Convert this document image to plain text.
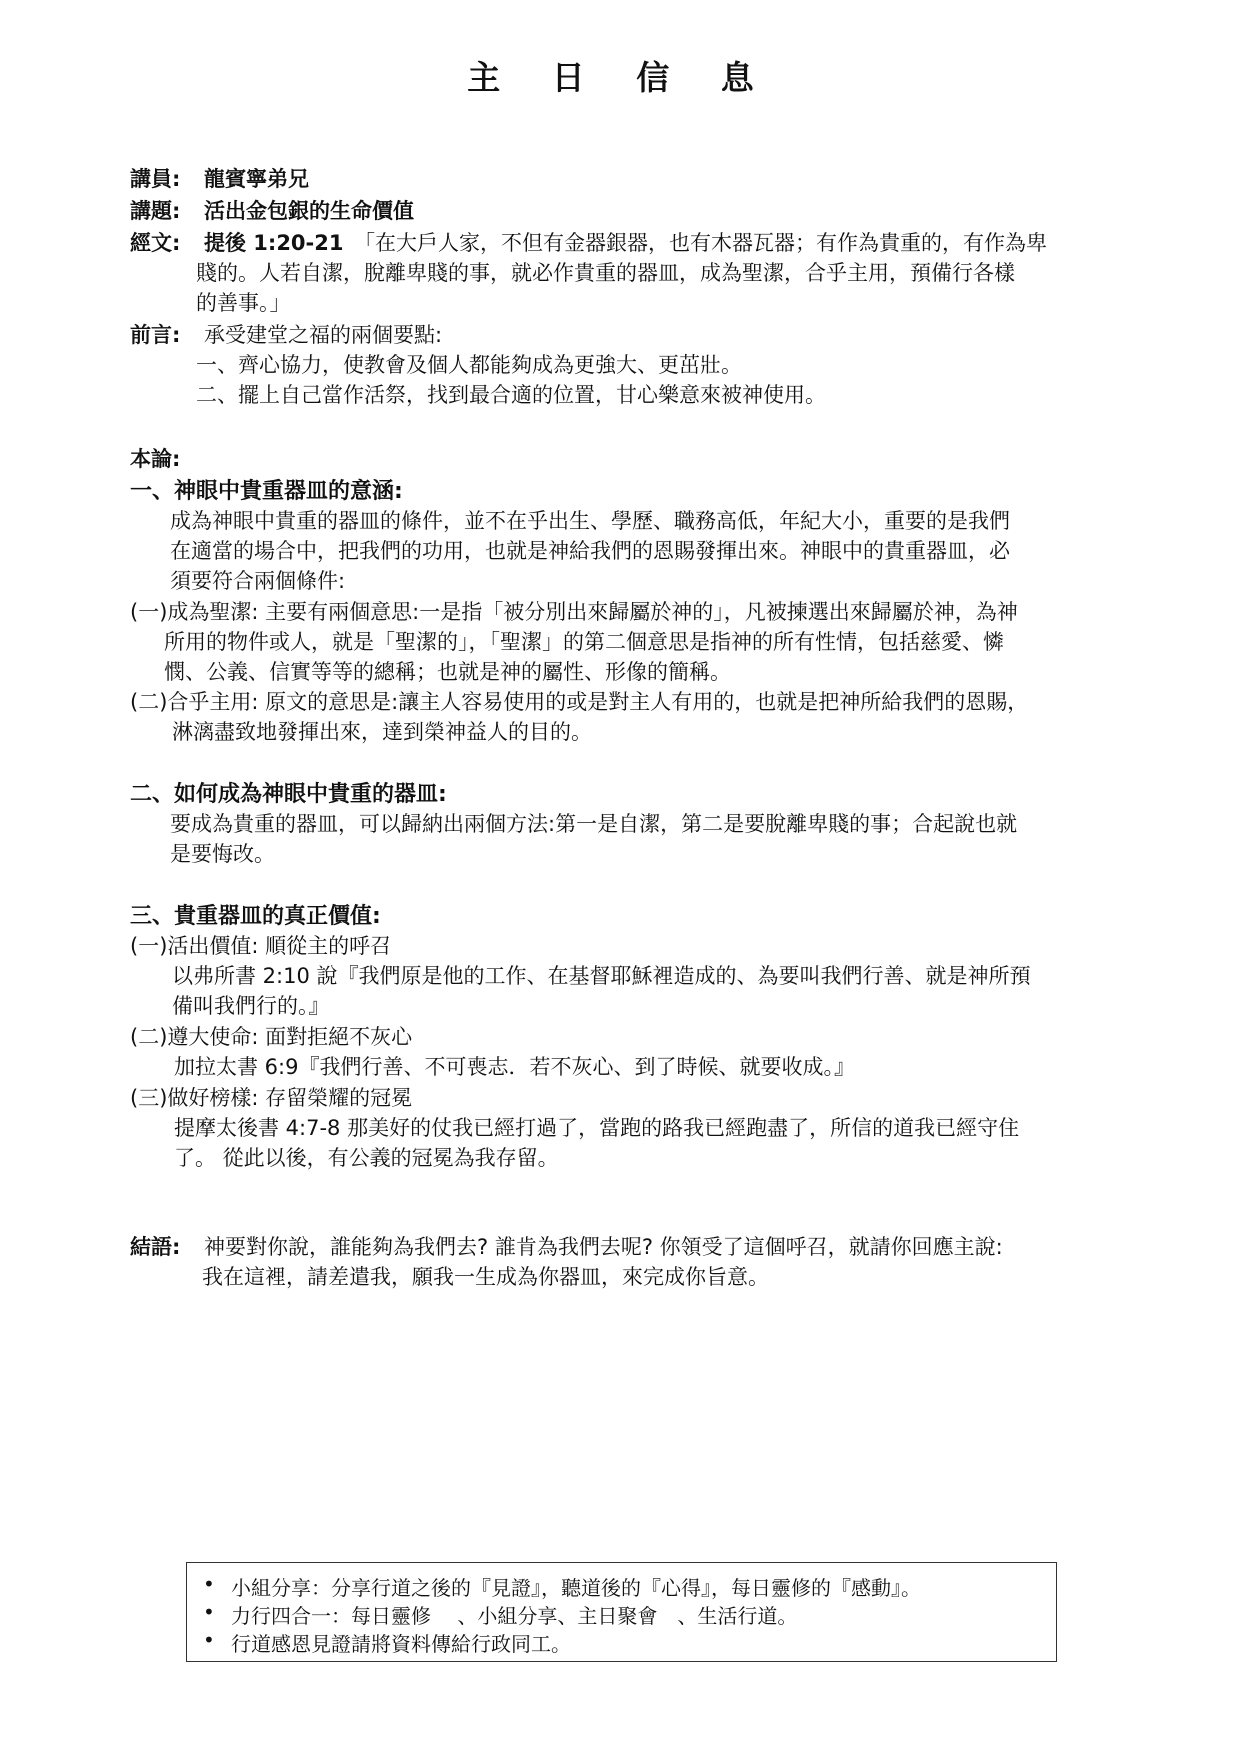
主 日 信 息
講員: 龍賓寧弟兄
講題: 活出金包銀的生命價值
經文: 提後 1:20-21 「在大戶人家，不但有金器銀器，也有木器瓦器；有作為貴重的，有作為卑
賤的。人若自潔，脫離卑賤的事，就必作貴重的器皿，成為聖潔，合乎主用，預備行各樣
的善事。」
前言: 承受建堂之福的兩個要點:
一、齊心協力，使教會及個人都能夠成為更強大、更茁壯。
二、擺上自己當作活祭，找到最合適的位置，甘心樂意來被神使用。
本論:
一、神眼中貴重器皿的意涵:
成為神眼中貴重的器皿的條件，並不在乎出生、學歷、職務高低，年紀大小，重要的是我們
在適當的場合中，把我們的功用，也就是神給我們的恩賜發揮出來。神眼中的貴重器皿，必
須要符合兩個條件:
(一)成為聖潔: 主要有兩個意思:一是指「被分別出來歸屬於神的」，凡被揀選出來歸屬於神，為神
所用的物件或人，就是「聖潔的」，「聖潔」的第二個意思是指神的所有性情，包括慈愛、憐
憫、公義、信實等等的總稱；也就是神的屬性、形像的簡稱。
(二)合乎主用: 原文的意思是:讓主人容易使用的或是對主人有用的，也就是把神所給我們的恩賜，
淋漓盡致地發揮出來，達到榮神益人的目的。
二、如何成為神眼中貴重的器皿:
要成為貴重的器皿，可以歸納出兩個方法:第一是自潔，第二是要脫離卑賤的事；合起說也就
是要悔改。
三、貴重器皿的真正價值:
(一)活出價值: 順從主的呼召
以弗所書 2:10 說『我們原是他的工作、在基督耶穌裡造成的、為要叫我們行善、就是神所預
備叫我們行的。』
(二)遵大使命: 面對拒絕不灰心
加拉太書 6:9『我們行善、不可喪志．若不灰心、到了時候、就要收成。』
(三)做好榜樣: 存留榮耀的冠冕
提摩太後書 4:7-8 那美好的仗我已經打過了，當跑的路我已經跑盡了，所信的道我已經守住
了。 從此以後，有公義的冠冕為我存留。
結語: 神要對你說，誰能夠為我們去? 誰肯為我們去呢? 你領受了這個呼召，就請你回應主說:
我在這裡，請差遣我，願我一生成為你器皿，來完成你旨意。
• 小組分享：分享行道之後的『見證』，聽道後的『心得』，每日靈修的『感動』。
• 力行四合一：每日靈修　 、小組分享、主日聚會　、生活行道。
• 行道感恩見證請將資料傳給行政同工。
